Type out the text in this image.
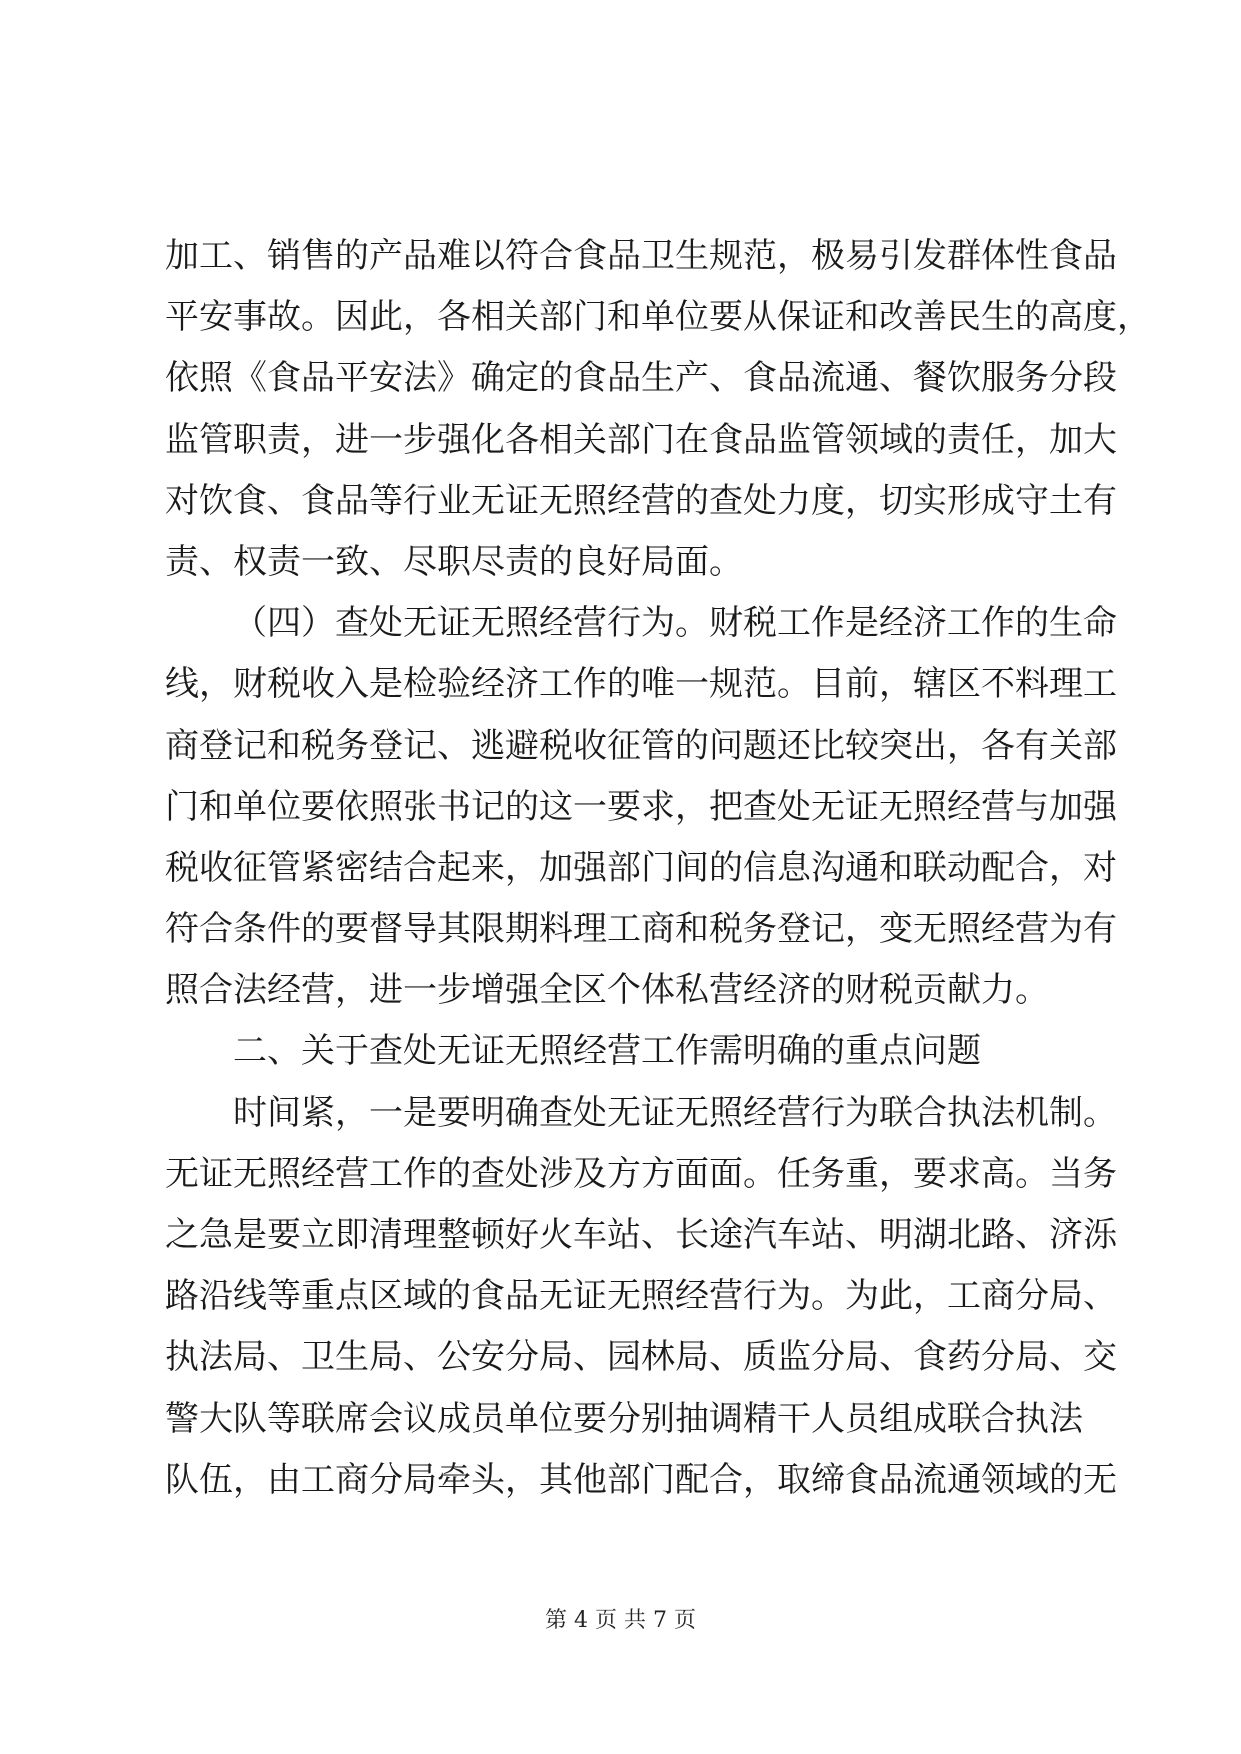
加工、销售的产品难以符合食品卫生规范，极易引发群体性食品
平安事故。因此，各相关部门和单位要从保证和改善民生的高度，
依照《食品平安法》确定的食品生产、食品流通、餐饮服务分段
监管职责，进一步强化各相关部门在食品监管领域的责任，加大
对饮食、食品等行业无证无照经营的查处力度，切实形成守土有
责、权责一致、尽职尽责的良好局面。
（四）查处无证无照经营行为。财税工作是经济工作的生命
线，财税收入是检验经济工作的唯一规范。目前，辖区不料理工
商登记和税务登记、逃避税收征管的问题还比较突出，各有关部
门和单位要依照张书记的这一要求，把查处无证无照经营与加强
税收征管紧密结合起来，加强部门间的信息沟通和联动配合，对
符合条件的要督导其限期料理工商和税务登记，变无照经营为有
照合法经营，进一步增强全区个体私营经济的财税贡献力。
二、关于查处无证无照经营工作需明确的重点问题
时间紧，一是要明确查处无证无照经营行为联合执法机制。
无证无照经营工作的查处涉及方方面面。任务重，要求高。当务
之急是要立即清理整顿好火车站、长途汽车站、明湖北路、济泺
路沿线等重点区域的食品无证无照经营行为。为此，工商分局、
执法局、卫生局、公安分局、园林局、质监分局、食药分局、交
警大队等联席会议成员单位要分别抽调精干人员组成联合执法
队伍，由工商分局牵头，其他部门配合，取缔食品流通领域的无
第 4 页 共 7 页
